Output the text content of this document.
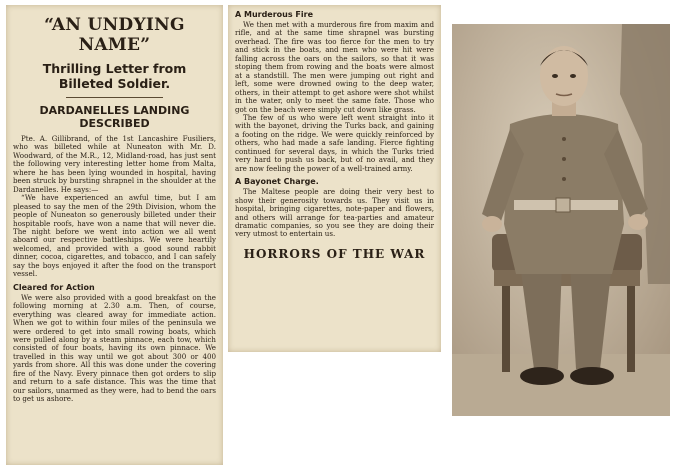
“AN UNDYING NAME”
Thrilling Letter from Billeted Soldier.
DARDANELLES LANDING DESCRIBED

Pte. A. Gillibrand, of the 1st Lancashire Fusiliers, who was billeted while at Nuneaton with Mr. D. Woodward, of the M.R., 12, Midland-road, has just sent the following very interesting letter home from Malta, where he has been lying wounded in hospital, having been struck by bursting shrapnel in the shoulder at the Dardanelles. He says:—

“We have experienced an awful time, but I am pleased to say the men of the 29th Division, whom the people of Nuneaton so generously billeted under their hospitable roofs, have won a name that will never die. The night before we went into action we all went aboard our respective battleships. We were heartily welcomed, and provided with a good sound rabbit dinner, cocoa, cigarettes, and tobacco, and I can safely say the boys enjoyed it after the food on the transport vessel.

Cleared for Action

We were also provided with a good breakfast on the following morning at 2.30 a.m. Then, of course, everything was cleared away for immediate action. When we got to within four miles of the peninsula we were ordered to get into small rowing boats, which were pulled along by a steam pinnace, each tow, which consisted of four boats, having its own pinnace. We travelled in this way until we got about 300 or 400 yards from shore. All this was done under the covering fire of the Navy. Every pinnace then got orders to slip and return to a safe distance. This was the time that our sailors, unarmed as they were, had to bend the oars to get us ashore.

A Murderous Fire

We then met with a murderous fire from maxim and rifle, and at the same time shrapnel was bursting overhead. The fire was too fierce for the men to try and stick in the boats, and men who were hit were falling across the oars on the sailors, so that it was stoping them from rowing and the boats were almost at a standstill. The men were jumping out right and left, some were drowned owing to the deep water, others, in their attempt to get ashore were shot whilst in the water, only to meet the same fate. Those who got on the beach were simply cut down like grass.

The few of us who were left went straight into it with the bayonet, driving the Turks back, and gaining a footing on the ridge. We were quickly reinforced by others, who had made a safe landing. Fierce fighting continued for several days, in which the Turks tried very hard to push us back, but of no avail, and they are now feeling the power of a well-trained army.

A Bayonet Charge.

The Maltese people are doing their very best to show their generosity towards us. They visit us in hospital, bringing cigarettes, note-paper and flowers, and others will arrange for tea-parties and amateur dramatic companies, so you see they are doing their very utmost to entertain us.

HORRORS OF THE WAR
